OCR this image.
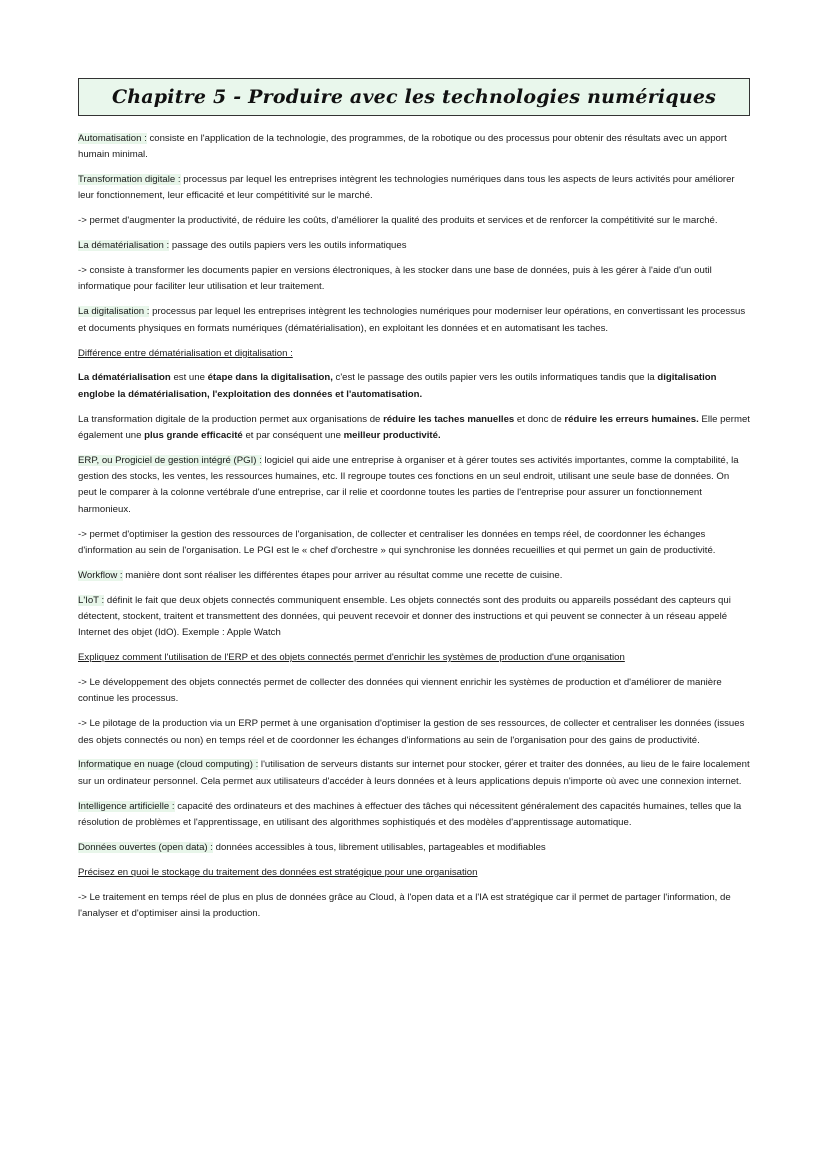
Chapitre 5 - Produire avec les technologies numériques

Automatisation : consiste en l'application de la technologie, des programmes, de la robotique ou des processus pour obtenir des résultats avec un apport humain minimal.

Transformation digitale : processus par lequel les entreprises intègrent les technologies numériques dans tous les aspects de leurs activités pour améliorer leur fonctionnement, leur efficacité et leur compétitivité sur le marché.

-> permet d'augmenter la productivité, de réduire les coûts, d'améliorer la qualité des produits et services et de renforcer la compétitivité sur le marché.

La dématérialisation : passage des outils papiers vers les outils informatiques

-> consiste à transformer les documents papier en versions électroniques, à les stocker dans une base de données, puis à les gérer à l'aide d'un outil informatique pour faciliter leur utilisation et leur traitement.

La digitalisation : processus par lequel les entreprises intègrent les technologies numériques pour moderniser leur opérations, en convertissant les processus et documents physiques en formats numériques (dématérialisation), en exploitant les données et en automatisant les taches.

Différence entre dématérialisation et digitalisation :

La dématérialisation est une étape dans la digitalisation, c'est le passage des outils papier vers les outils informatiques tandis que la digitalisation englobe la dématérialisation, l'exploitation des données et l'automatisation.

La transformation digitale de la production permet aux organisations de réduire les taches manuelles et donc de réduire les erreurs humaines. Elle permet également une plus grande efficacité et par conséquent une meilleur productivité.

ERP, ou Progiciel de gestion intégré (PGI) : logiciel qui aide une entreprise à organiser et à gérer toutes ses activités importantes, comme la comptabilité, la gestion des stocks, les ventes, les ressources humaines, etc. Il regroupe toutes ces fonctions en un seul endroit, utilisant une seule base de données. On peut le comparer à la colonne vertébrale d'une entreprise, car il relie et coordonne toutes les parties de l'entreprise pour assurer un fonctionnement harmonieux.

-> permet d'optimiser la gestion des ressources de l'organisation, de collecter et centraliser les données en temps réel, de coordonner les échanges d'information au sein de l'organisation. Le PGI est le « chef d'orchestre » qui synchronise les données recueillies et qui permet un gain de productivité.

Workflow : manière dont sont réaliser les différentes étapes pour arriver au résultat comme une recette de cuisine.

L'IoT : définit le fait que deux objets connectés communiquent ensemble. Les objets connectés sont des produits ou appareils possédant des capteurs qui détectent, stockent, traitent et transmettent des données, qui peuvent recevoir et donner des instructions et qui peuvent se connecter à un réseau appelé Internet des objet (IdO). Exemple : Apple Watch

Expliquez comment l'utilisation de l'ERP et des objets connectés permet d'enrichir les systèmes de production d'une organisation

-> Le développement des objets connectés permet de collecter des données qui viennent enrichir les systèmes de production et d'améliorer de manière continue les processus.

-> Le pilotage de la production via un ERP permet à une organisation d'optimiser la gestion de ses ressources, de collecter et centraliser les données (issues des objets connectés ou non) en temps réel et de coordonner les échanges d'informations au sein de l'organisation pour des gains de productivité.

Informatique en nuage (cloud computing) : l'utilisation de serveurs distants sur internet pour stocker, gérer et traiter des données, au lieu de le faire localement sur un ordinateur personnel. Cela permet aux utilisateurs d'accéder à leurs données et à leurs applications depuis n'importe où avec une connexion internet.

Intelligence artificielle : capacité des ordinateurs et des machines à effectuer des tâches qui nécessitent généralement des capacités humaines, telles que la résolution de problèmes et l'apprentissage, en utilisant des algorithmes sophistiqués et des modèles d'apprentissage automatique.

Données ouvertes (open data) : données accessibles à tous, librement utilisables, partageables et modifiables

Précisez en quoi le stockage du traitement des données est stratégique pour une organisation

-> Le traitement en temps réel de plus en plus de données grâce au Cloud, à l'open data et a l'IA est stratégique car il permet de partager l'information, de l'analyser et d'optimiser ainsi la production.
